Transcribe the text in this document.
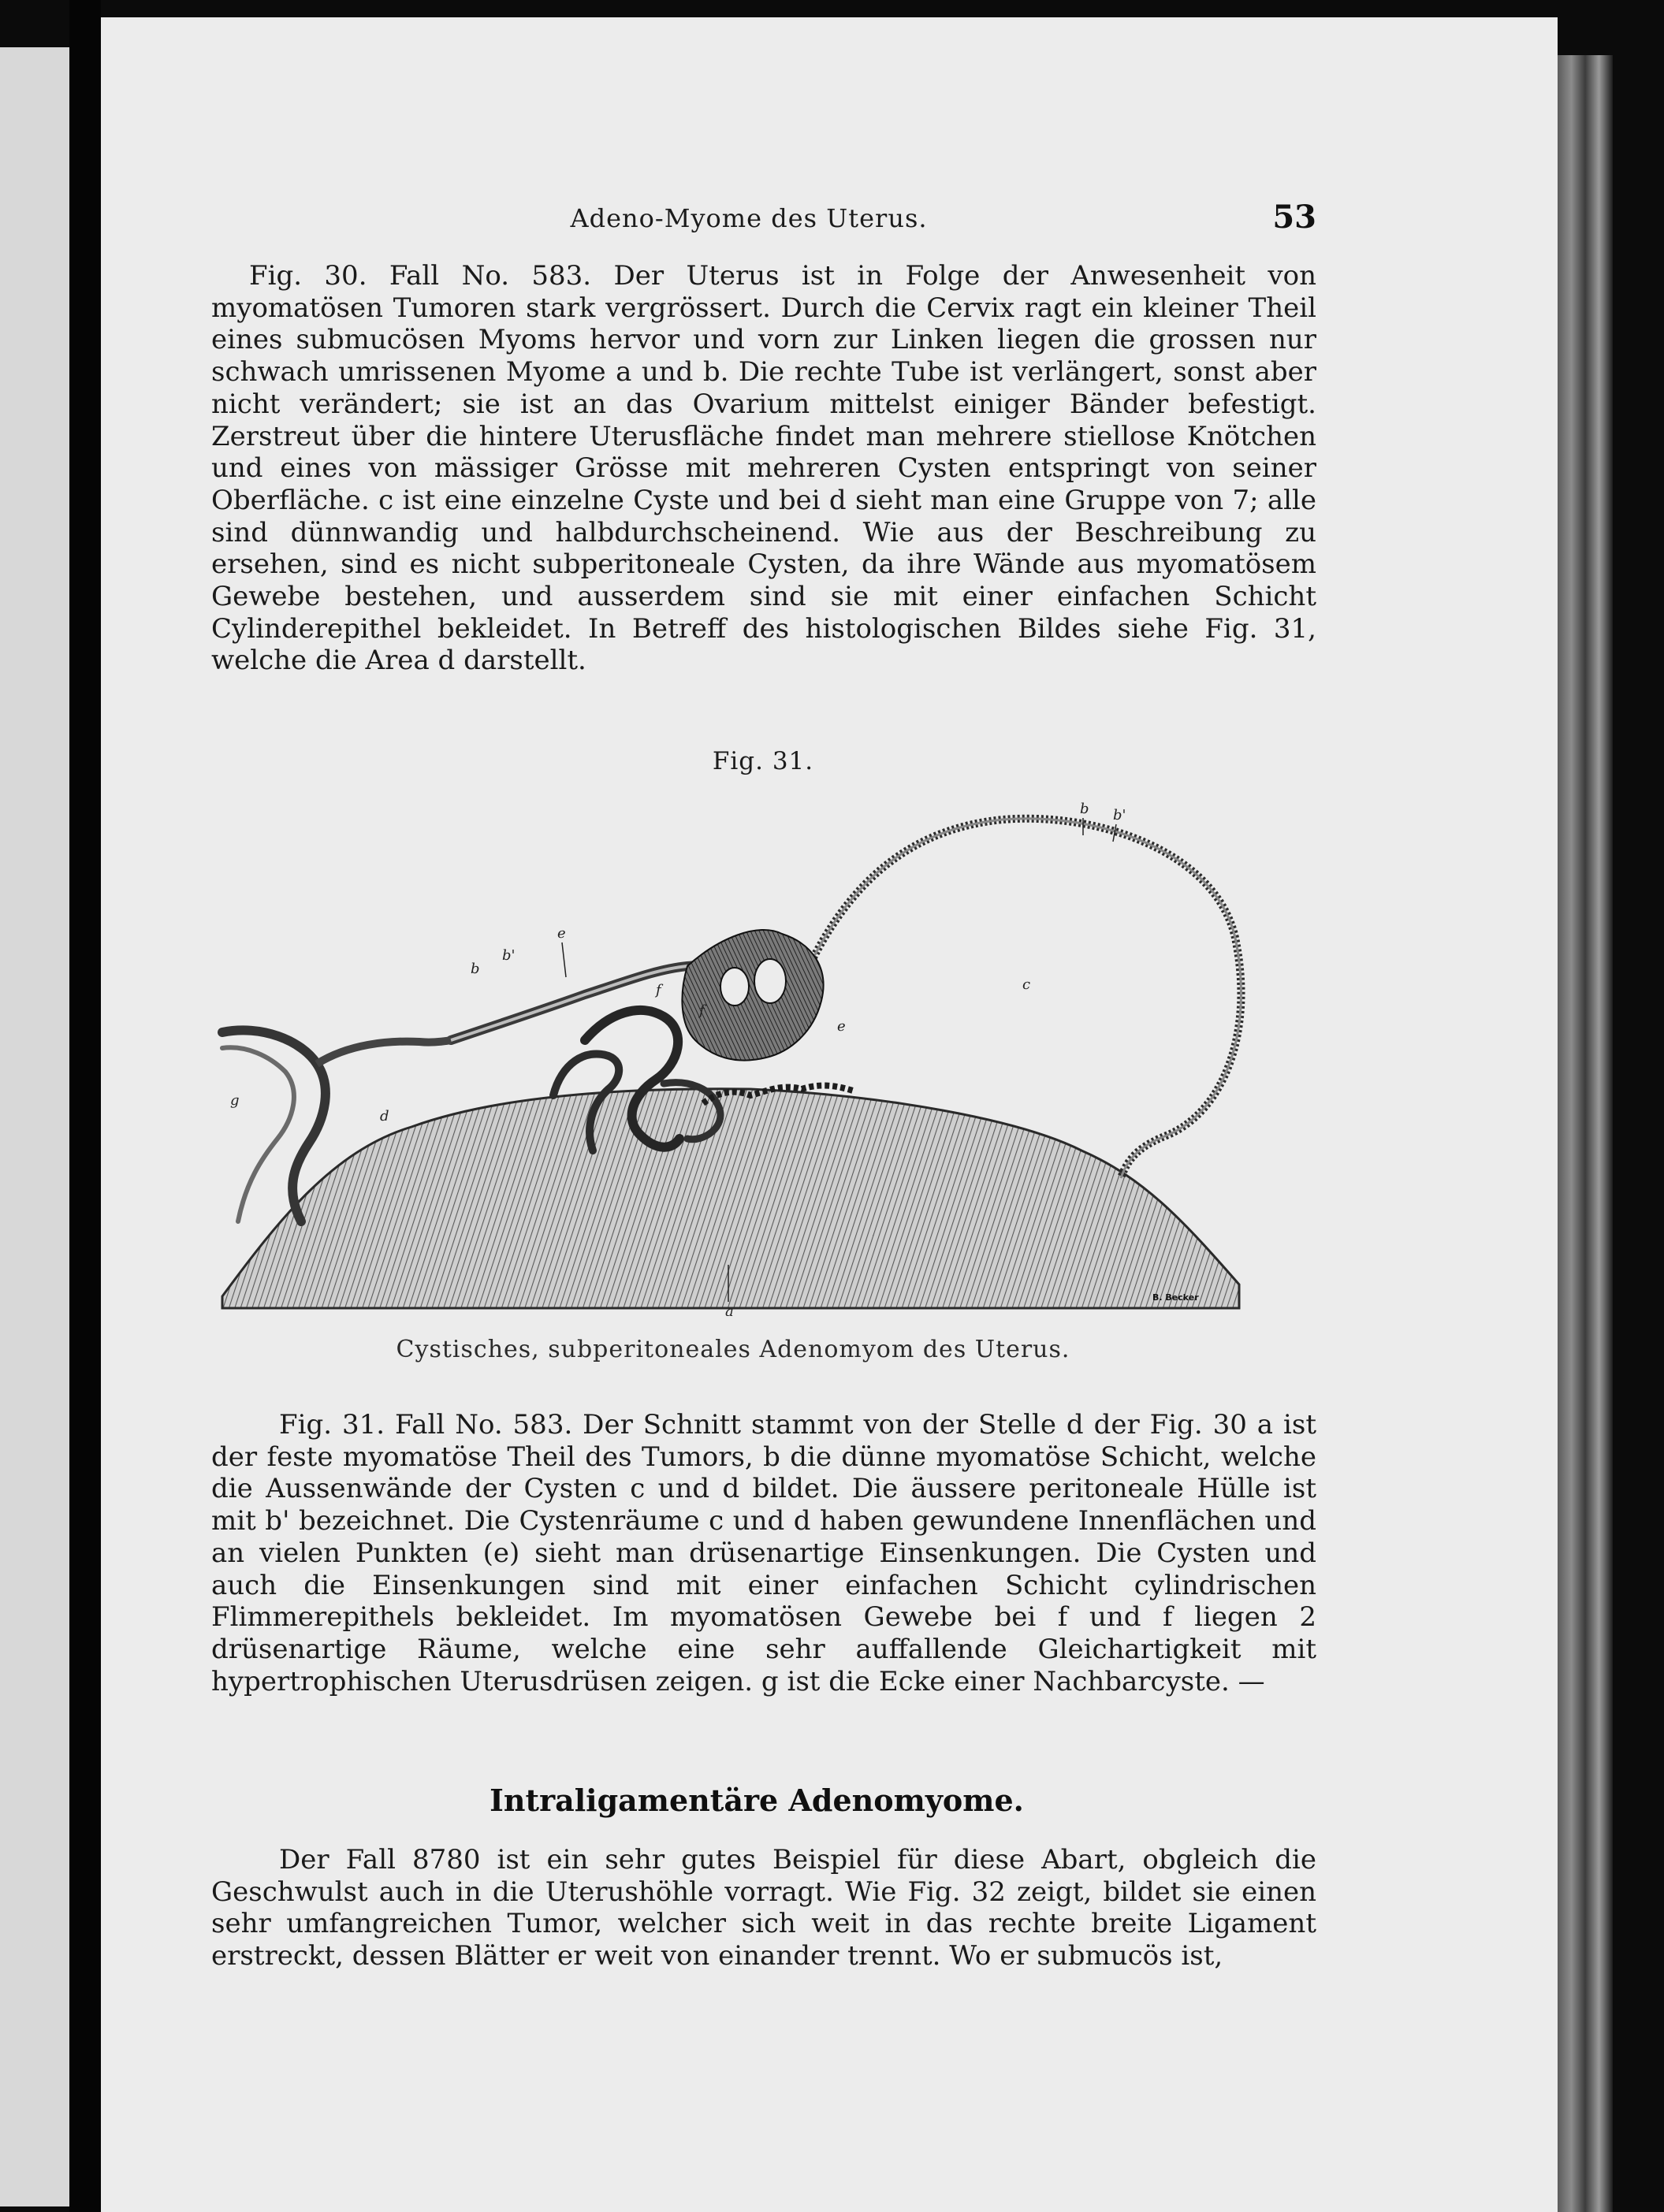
Adeno-Myome des Uterus.	53
Fig. 30. Fall No. 583. Der Uterus ist in Folge der Anwesenheit von myomatösen Tumoren stark vergrössert. Durch die Cervix ragt ein kleiner Theil eines submucösen Myoms hervor und vorn zur Linken liegen die grossen nur schwach umrissenen Myome a und b. Die rechte Tube ist verlängert, sonst aber nicht verändert; sie ist an das Ovarium mittelst einiger Bänder befestigt. Zerstreut über die hintere Uterusfläche findet man mehrere stiellose Knötchen und eines von mässiger Grösse mit mehreren Cysten entspringt von seiner Oberfläche. c ist eine einzelne Cyste und bei d sieht man eine Gruppe von 7; alle sind dünnwandig und halbdurchscheinend. Wie aus der Beschreibung zu ersehen, sind es nicht subperitoneale Cysten, da ihre Wände aus myomatösem Gewebe bestehen, und ausserdem sind sie mit einer einfachen Schicht Cylinderepithel bekleidet. In Betreff des histologischen Bildes siehe Fig. 31, welche die Area d darstellt.
Fig. 31.
b b'
c
e
b'
b
f
f
e
g
d
a
B. Becker
Cystisches, subperitoneales Adenomyom des Uterus.
Fig. 31. Fall No. 583. Der Schnitt stammt von der Stelle d der Fig. 30 a ist der feste myomatöse Theil des Tumors, b die dünne myomatöse Schicht, welche die Aussenwände der Cysten c und d bildet. Die äussere peritoneale Hülle ist mit b' bezeichnet. Die Cystenräume c und d haben gewundene Innenflächen und an vielen Punkten (e) sieht man drüsenartige Einsenkungen. Die Cysten und auch die Einsenkungen sind mit einer einfachen Schicht cylindrischen Flimmerepithels bekleidet. Im myomatösen Gewebe bei f und f liegen 2 drüsenartige Räume, welche eine sehr auffallende Gleichartigkeit mit hypertrophischen Uterusdrüsen zeigen. g ist die Ecke einer Nachbarcyste. —
Intraligamentäre Adenomyome.
Der Fall 8780 ist ein sehr gutes Beispiel für diese Abart, obgleich die Geschwulst auch in die Uterushöhle vorragt. Wie Fig. 32 zeigt, bildet sie einen sehr umfangreichen Tumor, welcher sich weit in das rechte breite Ligament erstreckt, dessen Blätter er weit von einander trennt. Wo er submucös ist,
